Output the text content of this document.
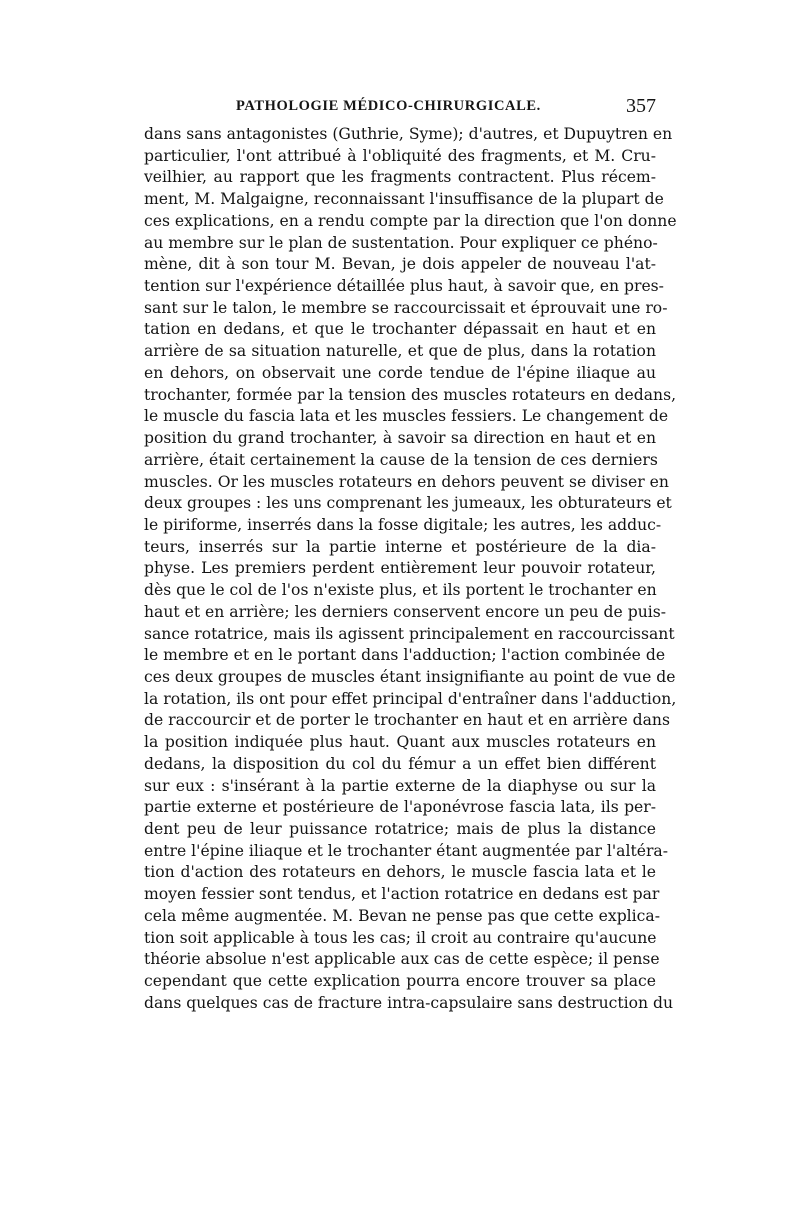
PATHOLOGIE MÉDICO-CHIRURGICALE.	357
dans sans antagonistes (Guthrie, Syme); d'autres, et Dupuytren en
particulier, l'ont attribué à l'obliquité des fragments, et M. Cru-
veilhier, au rapport que les fragments contractent. Plus récem-
ment, M. Malgaigne, reconnaissant l'insuffisance de la plupart de
ces explications, en a rendu compte par la direction que l'on donne
au membre sur le plan de sustentation. Pour expliquer ce phéno-
mène, dit à son tour M. Bevan, je dois appeler de nouveau l'at-
tention sur l'expérience détaillée plus haut, à savoir que, en pres-
sant sur le talon, le membre se raccourcissait et éprouvait une ro-
tation en dedans, et que le trochanter dépassait en haut et en
arrière de sa situation naturelle, et que de plus, dans la rotation
en dehors, on observait une corde tendue de l'épine iliaque au
trochanter, formée par la tension des muscles rotateurs en dedans,
le muscle du fascia lata et les muscles fessiers. Le changement de
position du grand trochanter, à savoir sa direction en haut et en
arrière, était certainement la cause de la tension de ces derniers
muscles. Or les muscles rotateurs en dehors peuvent se diviser en
deux groupes : les uns comprenant les jumeaux, les obturateurs et
le piriforme, inserrés dans la fosse digitale; les autres, les adduc-
teurs, inserrés sur la partie interne et postérieure de la dia-
physe. Les premiers perdent entièrement leur pouvoir rotateur,
dès que le col de l'os n'existe plus, et ils portent le trochanter en
haut et en arrière; les derniers conservent encore un peu de puis-
sance rotatrice, mais ils agissent principalement en raccourcissant
le membre et en le portant dans l'adduction; l'action combinée de
ces deux groupes de muscles étant insignifiante au point de vue de
la rotation, ils ont pour effet principal d'entraîner dans l'adduction,
de raccourcir et de porter le trochanter en haut et en arrière dans
la position indiquée plus haut. Quant aux muscles rotateurs en
dedans, la disposition du col du fémur a un effet bien différent
sur eux : s'insérant à la partie externe de la diaphyse ou sur la
partie externe et postérieure de l'aponévrose fascia lata, ils per-
dent peu de leur puissance rotatrice; mais de plus la distance
entre l'épine iliaque et le trochanter étant augmentée par l'altéra-
tion d'action des rotateurs en dehors, le muscle fascia lata et le
moyen fessier sont tendus, et l'action rotatrice en dedans est par
cela même augmentée. M. Bevan ne pense pas que cette explica-
tion soit applicable à tous les cas; il croit au contraire qu'aucune
théorie absolue n'est applicable aux cas de cette espèce; il pense
cependant que cette explication pourra encore trouver sa place
dans quelques cas de fracture intra-capsulaire sans destruction du
